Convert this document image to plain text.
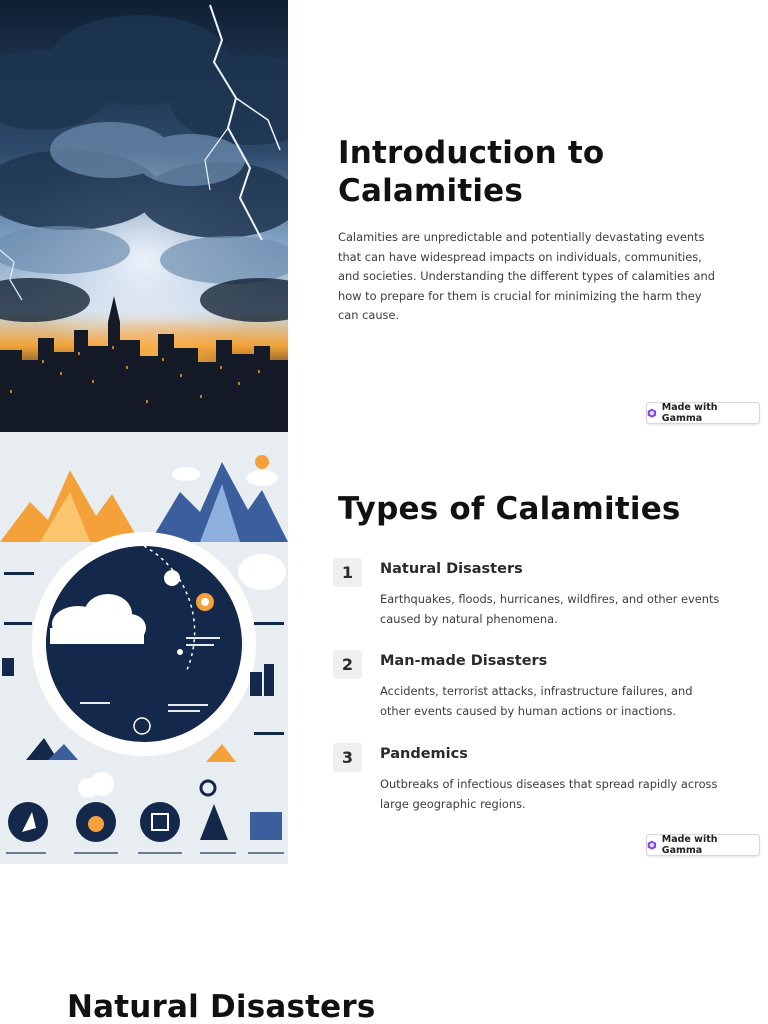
Introduction to Calamities

Calamities are unpredictable and potentially devastating events that can have widespread impacts on individuals, communities, and societies. Understanding the different types of calamities and how to prepare for them is crucial for minimizing the harm they can cause.

Made with Gamma
Types of Calamities
1	Natural Disasters

Earthquakes, floods, hurricanes, wildfires, and other events caused by natural phenomena.

2	Man-made Disasters

Accidents, terrorist attacks, infrastructure failures, and other events caused by human actions or inactions.

3	Pandemics

Outbreaks of infectious diseases that spread rapidly across large geographic regions.

Made with Gamma
Natural Disasters
